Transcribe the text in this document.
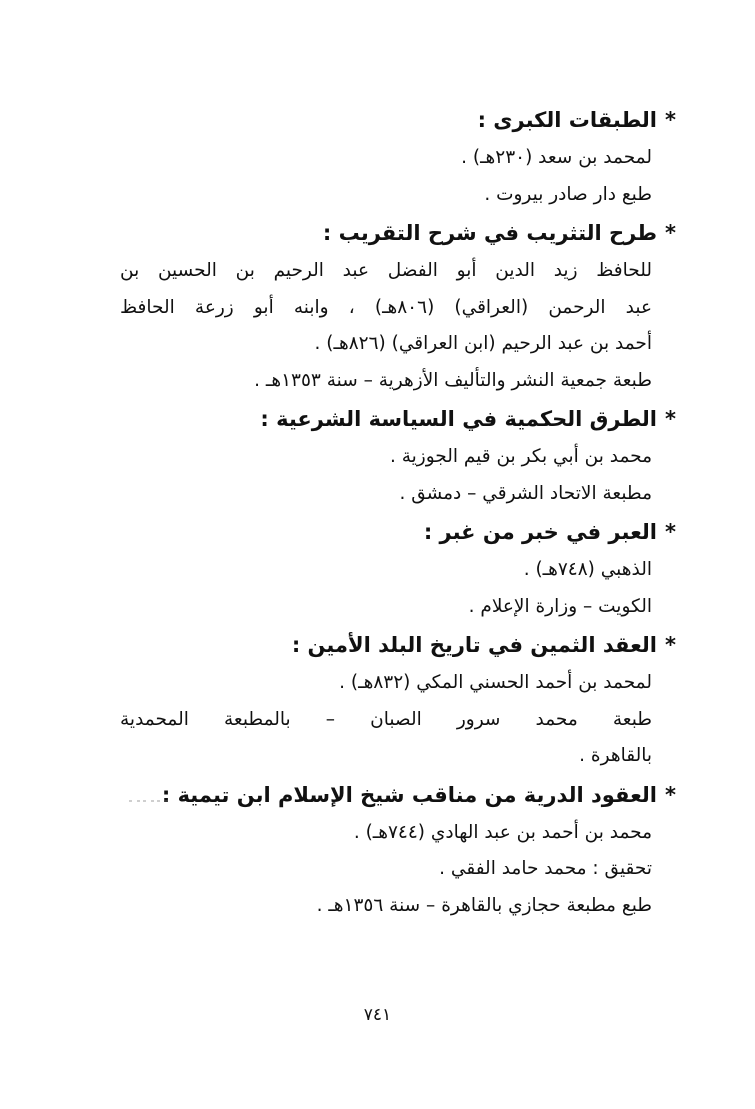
*الطبقات الكبرى :
لمحمد بن سعد (٢٣٠هـ) .
طبع دار صادر بيروت .
*طرح التثريب في شرح التقريب :
للحافظ زيد الدين أبو الفضل عبد الرحيم بن الحسين بن
عبد الرحمن (العراقي) (٨٠٦هـ) ، وابنه أبو زرعة الحافظ
أحمد بن عبد الرحيم (ابن العراقي) (٨٢٦هـ) .
طبعة جمعية النشر والتأليف الأزهرية – سنة ١٣٥٣هـ .
*الطرق الحكمية في السياسة الشرعية :
محمد بن أبي بكر بن قيم الجوزية .
مطبعة الاتحاد الشرقي – دمشق .
*العبر في خبر من غبر :
الذهبي (٧٤٨هـ) .
الكويت – وزارة الإعلام .
*العقد الثمين في تاريخ البلد الأمين :
لمحمد بن أحمد الحسني المكي (٨٣٢هـ) .
طبعة محمد سرور الصبان – بالمطبعة المحمدية
بالقاهرة .
*العقود الدرية من مناقب شيخ الإسلام ابن تيمية :
محمد بن أحمد بن عبد الهادي (٧٤٤هـ) .
تحقيق : محمد حامد الفقي .
طبع مطبعة حجازي بالقاهرة – سنة ١٣٥٦هـ .
٧٤١
